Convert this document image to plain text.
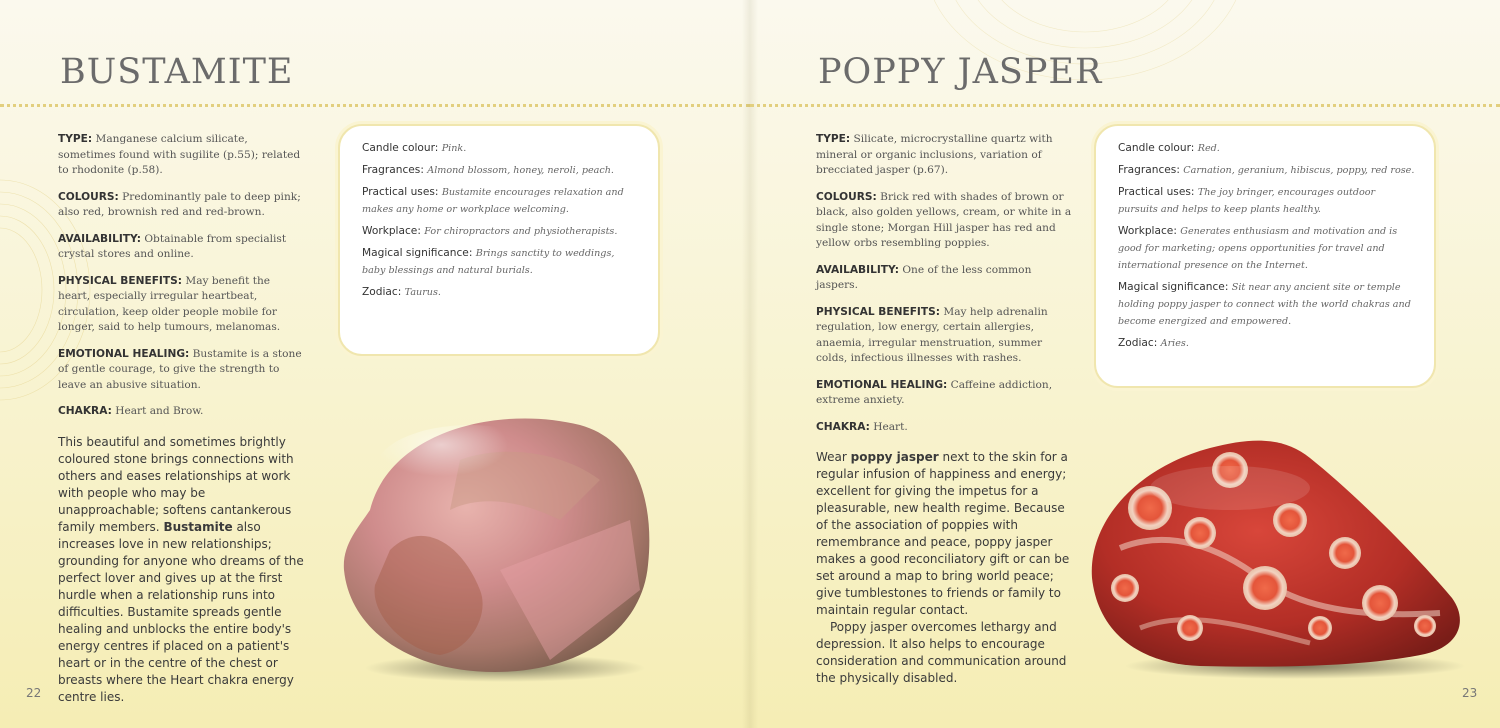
BUSTAMITE

TYPE: Manganese calcium silicate, sometimes found with sugilite (p.55); related to rhodonite (p.58).

COLOURS: Predominantly pale to deep pink; also red, brownish red and red-brown.

AVAILABILITY: Obtainable from specialist crystal stores and online.

PHYSICAL BENEFITS: May benefit the heart, especially irregular heartbeat, circulation, keep older people mobile for longer, said to help tumours, melanomas.

EMOTIONAL HEALING: Bustamite is a stone of gentle courage, to give the strength to leave an abusive situation.

CHAKRA: Heart and Brow.

This beautiful and sometimes brightly coloured stone brings connections with others and eases relationships at work with people who may be unapproachable; softens cantankerous family members. Bustamite also increases love in new relationships; grounding for anyone who dreams of the perfect lover and gives up at the first hurdle when a relationship runs into difficulties. Bustamite spreads gentle healing and unblocks the entire body's energy centres if placed on a patient's heart or in the centre of the chest or breasts where the Heart chakra energy centre lies.

Candle colour: Pink.

Fragrances: Almond blossom, honey, neroli, peach.

Practical uses: Bustamite encourages relaxation and makes any home or workplace welcoming.

Workplace: For chiropractors and physiotherapists.

Magical significance: Brings sanctity to weddings, baby blessings and natural burials.

Zodiac: Taurus.

22
POPPY JASPER

TYPE: Silicate, microcrystalline quartz with mineral or organic inclusions, variation of brecciated jasper (p.67).

COLOURS: Brick red with shades of brown or black, also golden yellows, cream, or white in a single stone; Morgan Hill jasper has red and yellow orbs resembling poppies.

AVAILABILITY: One of the less common jaspers.

PHYSICAL BENEFITS: May help adrenalin regulation, low energy, certain allergies, anaemia, irregular menstruation, summer colds, infectious illnesses with rashes.

EMOTIONAL HEALING: Caffeine addiction, extreme anxiety.

CHAKRA: Heart.

Wear poppy jasper next to the skin for a regular infusion of happiness and energy; excellent for giving the impetus for a pleasurable, new health regime. Because of the association of poppies with remembrance and peace, poppy jasper makes a good reconciliatory gift or can be set around a map to bring world peace; give tumblestones to friends or family to maintain regular contact.

Poppy jasper overcomes lethargy and depression. It also helps to encourage consideration and communication around the physically disabled.

Candle colour: Red.

Fragrances: Carnation, geranium, hibiscus, poppy, red rose.

Practical uses: The joy bringer, encourages outdoor pursuits and helps to keep plants healthy.

Workplace: Generates enthusiasm and motivation and is good for marketing; opens opportunities for travel and international presence on the Internet.

Magical significance: Sit near any ancient site or temple holding poppy jasper to connect with the world chakras and become energized and empowered.

Zodiac: Aries.

23
